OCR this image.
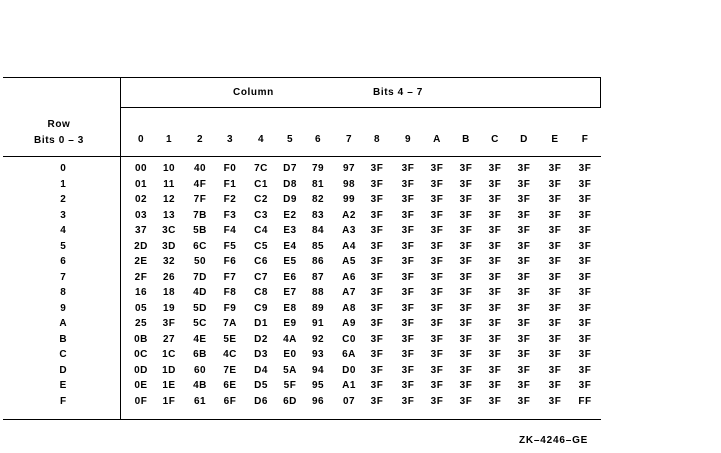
Column	Bits 4 – 7
Row
Bits 0 – 3	0	1	2	3	4	5	6	7	8	9	A	B	C	D	E	F
0	00	10	40	F0	7C	D7	79	97	3F	3F	3F	3F	3F	3F	3F	3F
1	01	11	4F	F1	C1	D8	81	98	3F	3F	3F	3F	3F	3F	3F	3F
2	02	12	7F	F2	C2	D9	82	99	3F	3F	3F	3F	3F	3F	3F	3F
3	03	13	7B	F3	C3	E2	83	A2	3F	3F	3F	3F	3F	3F	3F	3F
4	37	3C	5B	F4	C4	E3	84	A3	3F	3F	3F	3F	3F	3F	3F	3F
5	2D	3D	6C	F5	C5	E4	85	A4	3F	3F	3F	3F	3F	3F	3F	3F
6	2E	32	50	F6	C6	E5	86	A5	3F	3F	3F	3F	3F	3F	3F	3F
7	2F	26	7D	F7	C7	E6	87	A6	3F	3F	3F	3F	3F	3F	3F	3F
8	16	18	4D	F8	C8	E7	88	A7	3F	3F	3F	3F	3F	3F	3F	3F
9	05	19	5D	F9	C9	E8	89	A8	3F	3F	3F	3F	3F	3F	3F	3F
A	25	3F	5C	7A	D1	E9	91	A9	3F	3F	3F	3F	3F	3F	3F	3F
B	0B	27	4E	5E	D2	4A	92	C0	3F	3F	3F	3F	3F	3F	3F	3F
C	0C	1C	6B	4C	D3	E0	93	6A	3F	3F	3F	3F	3F	3F	3F	3F
D	0D	1D	60	7E	D4	5A	94	D0	3F	3F	3F	3F	3F	3F	3F	3F
E	0E	1E	4B	6E	D5	5F	95	A1	3F	3F	3F	3F	3F	3F	3F	3F
F	0F	1F	61	6F	D6	6D	96	07	3F	3F	3F	3F	3F	3F	3F	FF
ZK–4246–GE
